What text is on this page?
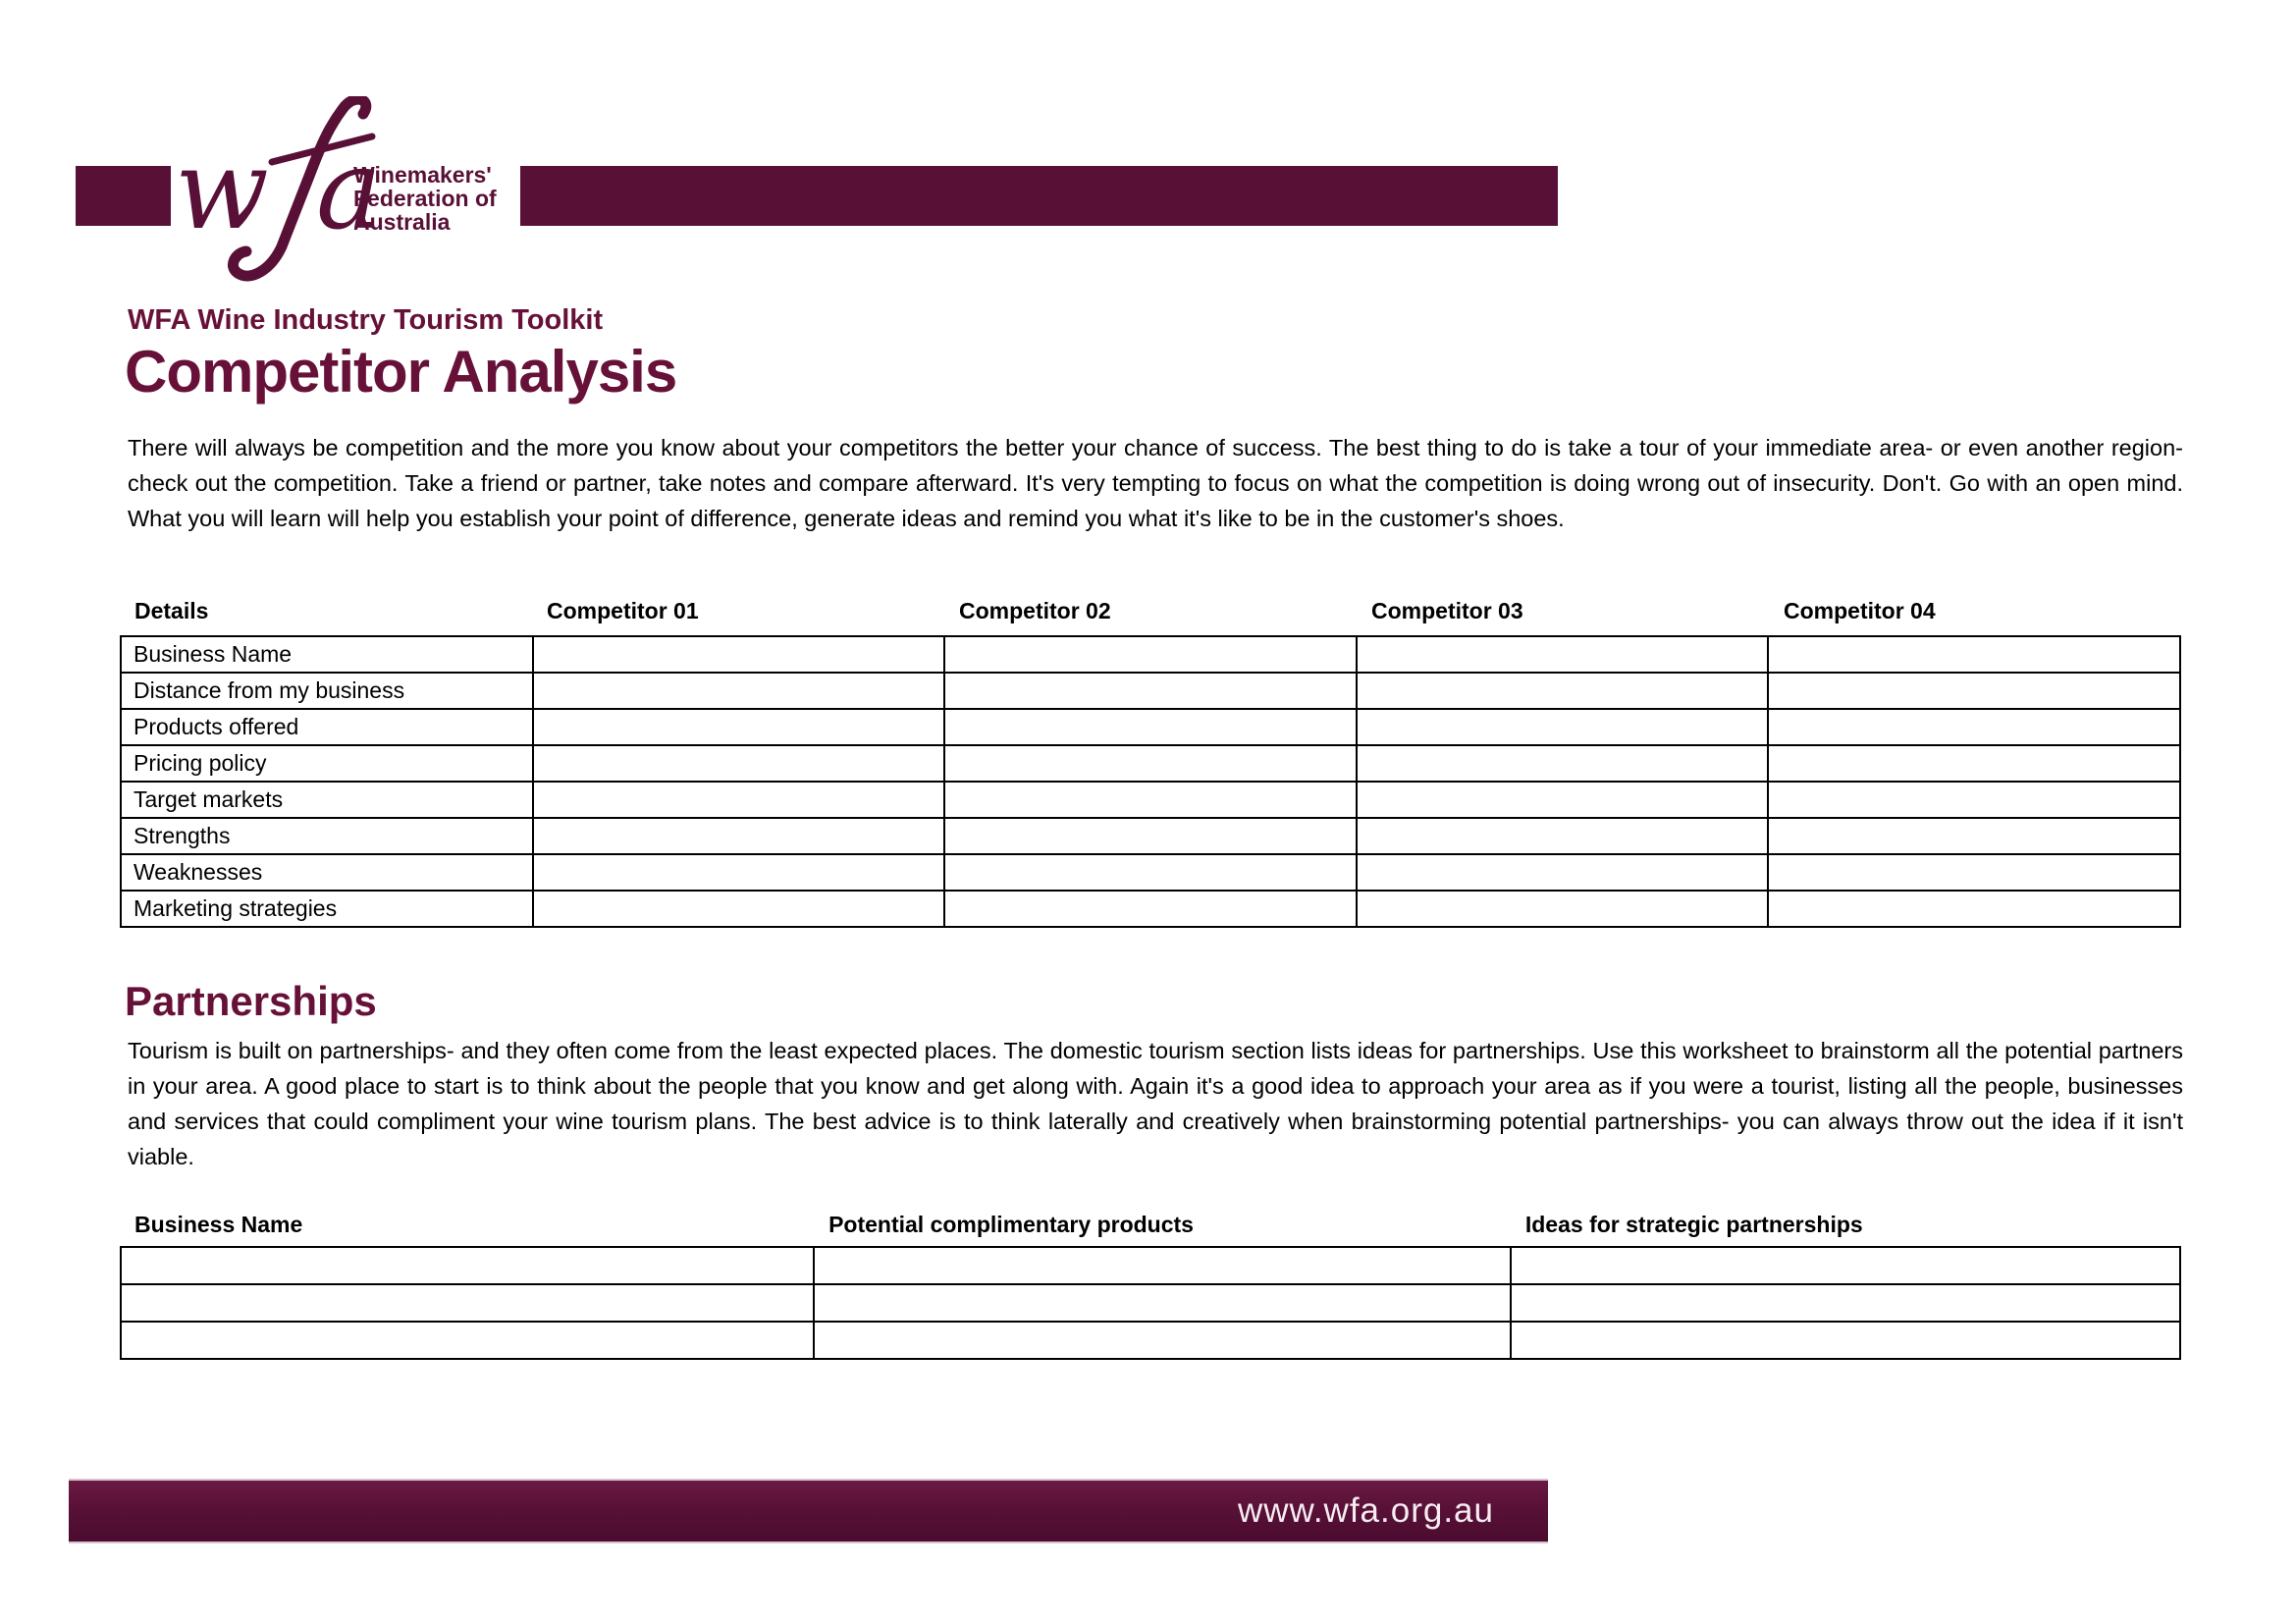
w a
Winemakers'
Federation of
Australia
WFA Wine Industry Tourism Toolkit
Competitor Analysis
There will always be competition and the more you know about your competitors the better your chance of success. The best thing to do is take a tour of your immediate area- or even another region- check out the competition. Take a friend or partner, take notes and compare afterward. It's very tempting to focus on what the competition is doing wrong out of insecurity. Don't. Go with an open mind. What you will learn will help you establish your point of difference, generate ideas and remind you what it's like to be in the customer's shoes.
Details	Competitor 01	Competitor 02	Competitor 03	Competitor 04
Business Name				
Distance from my business				
Products offered				
Pricing policy				
Target markets				
Strengths				
Weaknesses				
Marketing strategies				
Partnerships
Tourism is built on partnerships- and they often come from the least expected places. The domestic tourism section lists ideas for partnerships. Use this worksheet to brainstorm all the potential partners in your area. A good place to start is to think about the people that you know and get along with. Again it's a good idea to approach your area as if you were a tourist, listing all the people, businesses and services that could compliment your wine tourism plans. The best advice is to think laterally and creatively when brainstorming potential partnerships- you can always throw out the idea if it isn't viable.
Business Name	Potential complimentary products	Ideas for strategic partnerships

www.wfa.org.au
